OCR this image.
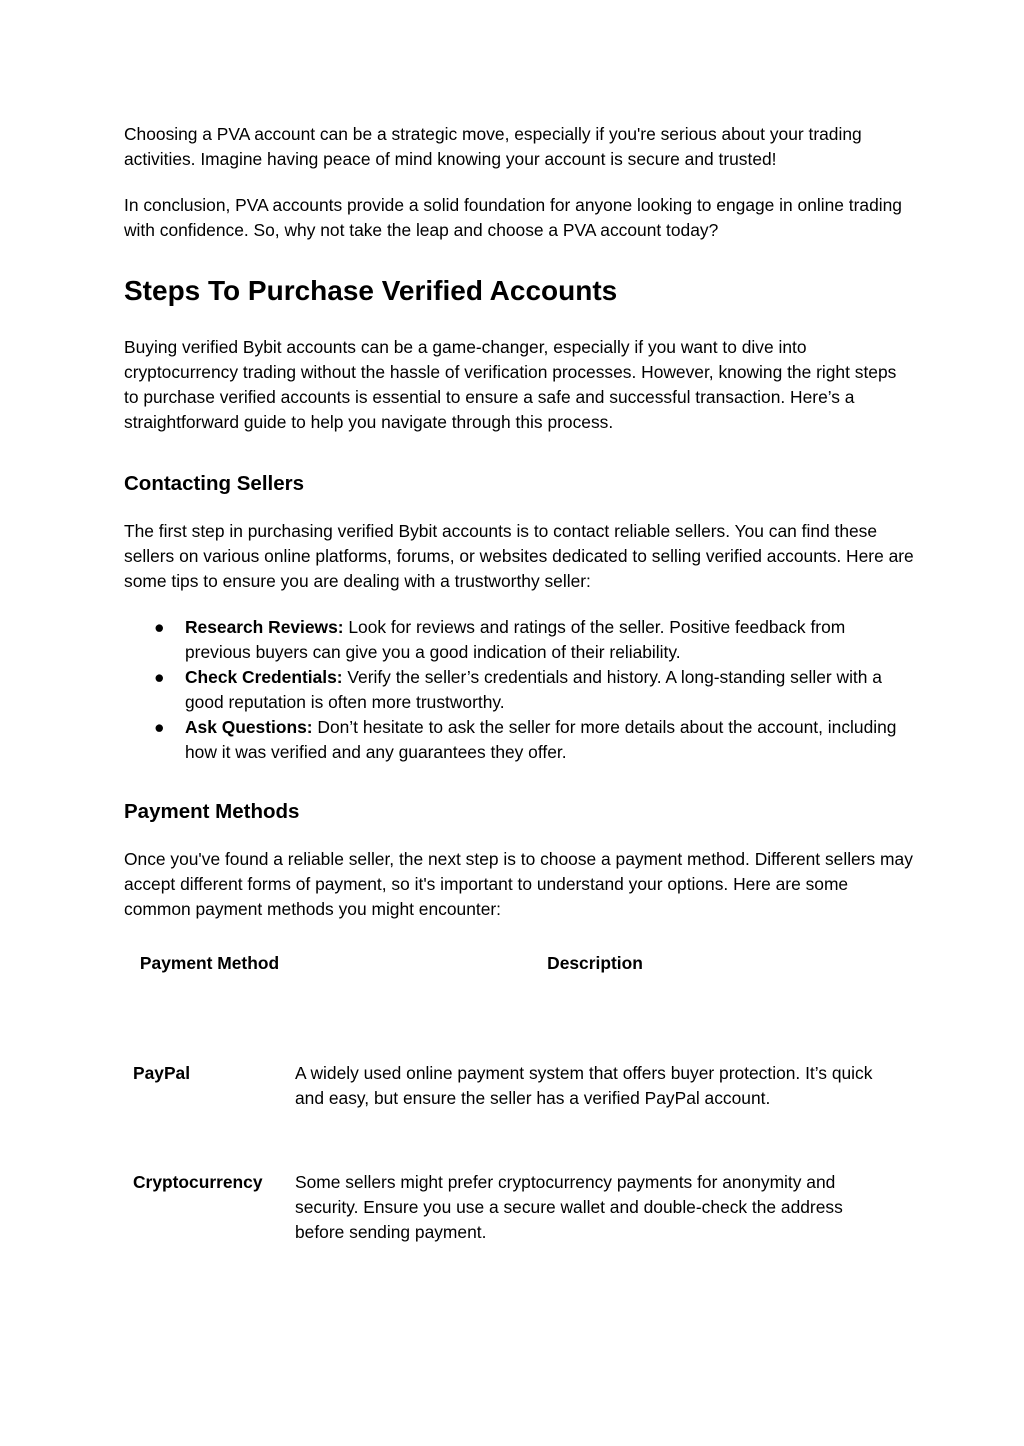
Choosing a PVA account can be a strategic move, especially if you're serious about your trading activities. Imagine having peace of mind knowing your account is secure and trusted!

In conclusion, PVA accounts provide a solid foundation for anyone looking to engage in online trading with confidence. So, why not take the leap and choose a PVA account today?

Steps To Purchase Verified Accounts

Buying verified Bybit accounts can be a game-changer, especially if you want to dive into cryptocurrency trading without the hassle of verification processes. However, knowing the right steps to purchase verified accounts is essential to ensure a safe and successful transaction. Here’s a straightforward guide to help you navigate through this process.

Contacting Sellers

The first step in purchasing verified Bybit accounts is to contact reliable sellers. You can find these sellers on various online platforms, forums, or websites dedicated to selling verified accounts. Here are some tips to ensure you are dealing with a trustworthy seller:

● Research Reviews: Look for reviews and ratings of the seller. Positive feedback from previous buyers can give you a good indication of their reliability.
● Check Credentials: Verify the seller’s credentials and history. A long-standing seller with a good reputation is often more trustworthy.
● Ask Questions: Don’t hesitate to ask the seller for more details about the account, including how it was verified and any guarantees they offer.
Payment Methods

Once you've found a reliable seller, the next step is to choose a payment method. Different sellers may accept different forms of payment, so it's important to understand your options. Here are some common payment methods you might encounter:

Payment Method	Description
PayPal	A widely used online payment system that offers buyer protection. It’s quick and easy, but ensure the seller has a verified PayPal account.
Cryptocurrency	Some sellers might prefer cryptocurrency payments for anonymity and security. Ensure you use a secure wallet and double-check the address before sending payment.
